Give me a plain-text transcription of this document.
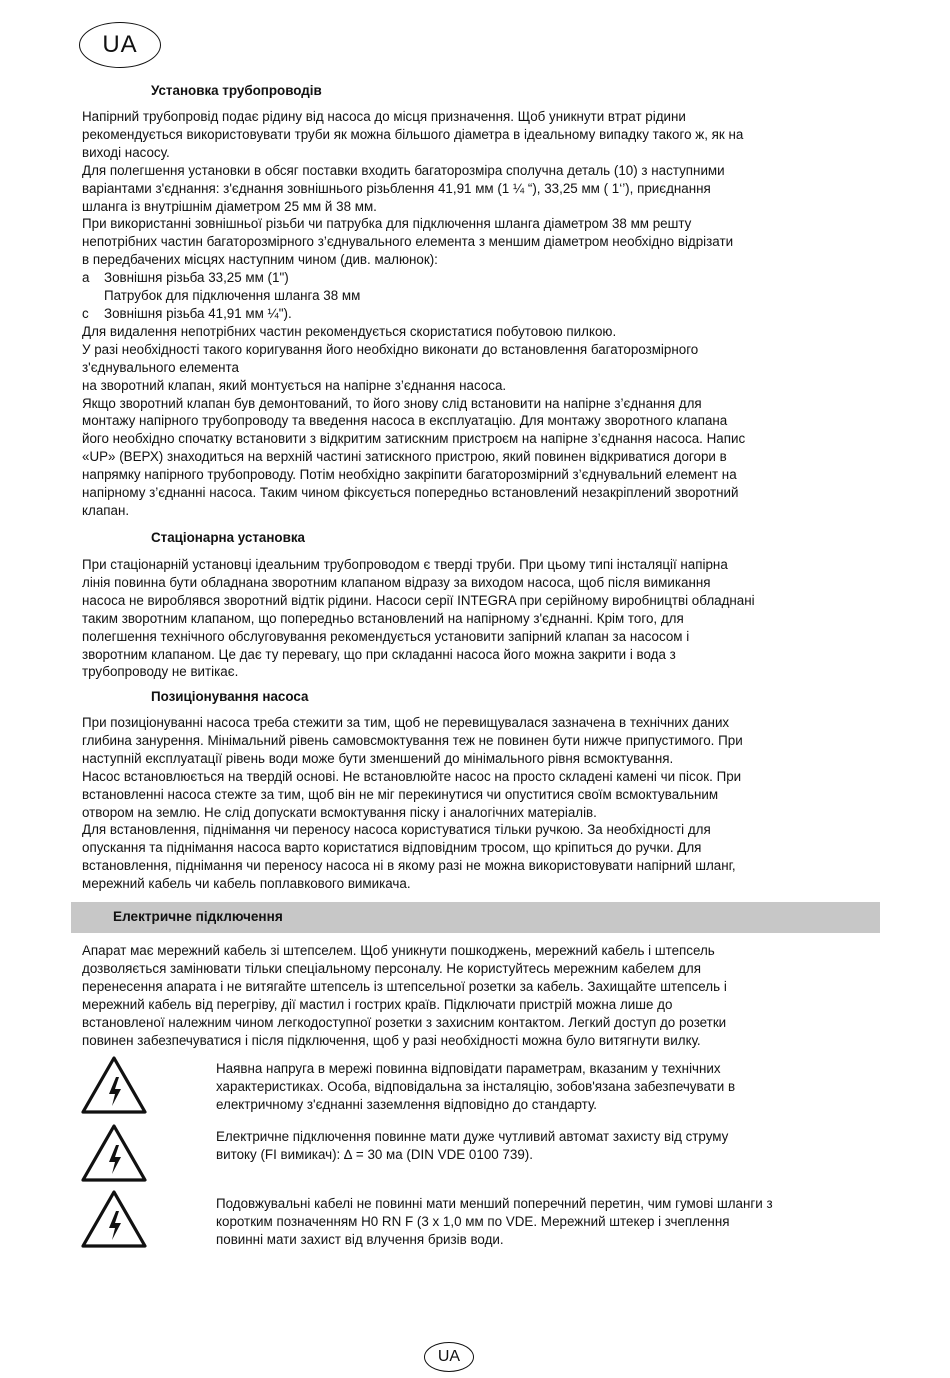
UA

Установка трубопроводів

Напірний трубопровід подає рідину від насоса до місця призначення. Щоб уникнути втрат рідини
рекомендується використовувати труби як можна більшого діаметра в ідеальному випадку такого ж, як на
виході насосу.
Для полегшення установки в обсяг поставки входить багаторозміра сполучна деталь (10) з наступними
варіантами з'єднання: з'єднання зовнішнього різьблення 41,91 мм (1 ¼ “), 33,25 мм ( 1‘’), приєднання
шланга із внутрішнім діаметром 25 мм й 38 мм.
При використанні зовнішньої різьби чи патрубка для підключення шланга діаметром 38 мм решту
непотрібних частин багаторозмірного з’єднувального елемента з меншим діаметром необхідно відрізати
в передбачених місцях наступним чином (див. малюнок):
a	Зовнішня різьба 33,25 мм (1")
Патрубок для підключення шланга 38 мм
c	Зовнішня різьба 41,91 мм ¼").
Для видалення непотрібних частин рекомендується скористатися побутовою пилкою.
У разі необхідності такого коригування його необхідно виконати до встановлення багаторозмірного
з'єднувального елемента
на зворотний клапан, який монтується на напірне з’єднання насоса.
Якщо зворотний клапан був демонтований, то його знову слід встановити на напірне з’єднання для
монтажу напірного трубопроводу та введення насоса в експлуатацію. Для монтажу зворотного клапана
його необхідно спочатку встановити з відкритим затискним пристроєм на напірне з’єднання насоса. Напис
«UP» (ВЕРХ) знаходиться на верхній частині затискного пристрою, який повинен відкриватися догори в
напрямку напірного трубопроводу. Потім необхідно закріпити багаторозмірний з’єднувальний елемент на
напірному з’єднанні насоса. Таким чином фіксується попередньо встановлений незакріплений зворотний
клапан.

Стаціонарна установка

При стаціонарній установці ідеальним трубопроводом є тверді труби. При цьому типі інсталяції напірна
лінія повинна бути обладнана зворотним клапаном відразу за виходом насоса, щоб після вимикання
насоса не вироблявся зворотний відтік рідини. Насоси серії INTEGRA при серійному виробництві обладнані
таким зворотним клапаном, що попередньо встановлений на напірному з'єднанні. Крім того, для
полегшення технічного обслуговування рекомендується установити запірний клапан за насосом і
зворотним клапаном. Це дає ту перевагу, що при складанні насоса його можна закрити і вода з
трубопроводу не витікає.

Позиціонування насоса

При позиціонуванні насоса треба стежити за тим, щоб не перевищувалася зазначена в технічних даних
глибина занурення. Мінімальний рівень самовсмоктування теж не повинен бути нижче припустимого. При
наступній експлуатації рівень води може бути зменшений до мінімального рівня всмоктування.
Насос встановлюється на твердій основі. Не встановлюйте насос на просто складені камені чи пісок. При
встановленні насоса стежте за тим, щоб він не міг перекинутися чи опуститися своїм всмоктувальним
отвором на землю. Не слід допускати всмоктування піску і аналогічних матеріалів.
Для встановлення, піднімання чи переносу насоса користуватися тільки ручкою. За необхідності для
опускання та піднімання насоса варто користатися відповідним тросом, що кріпиться до ручки. Для
встановлення, піднімання чи переносу насоса ні в якому разі не можна використовувати напірний шланг,
мережний кабель чи кабель поплавкового вимикача.
Електричне підключення
Апарат має мережний кабель зі штепселем. Щоб уникнути пошкоджень, мережний кабель і штепсель
дозволяється замінювати тільки спеціальному персоналу. Не користуйтесь мережним кабелем для
перенесення апарата і не витягайте штепсель із штепсельної розетки за кабель. Захищайте штепсель і
мережний кабель від перегріву, дії мастил і гострих країв. Підключати пристрій можна лише до
встановленої належним чином легкодоступної розетки з захисним контактом. Легкий доступ до розетки
повинен забезпечуватися і після підключення, щоб у разі необхідності можна було витягнути вилку.
Наявна напруга в мережі повинна відповідати параметрам, вказаним у технічних
характеристиках. Особа, відповідальна за інсталяцію, зобов'язана забезпечувати в
електричному з'єднанні заземлення відповідно до стандарту.
Електричне підключення повинне мати дуже чутливий автомат захисту від струму
витоку (FI вимикач): ∆ = 30 ма (DIN VDE 0100 739).
Подовжувальні кабелі не повинні мати менший поперечний перетин, чим гумові шланги з
коротким позначенням H0 RN F (3 x 1,0 мм по VDE. Мережний штекер і зчеплення
повинні мати захист від влучення бризів води.
UA
